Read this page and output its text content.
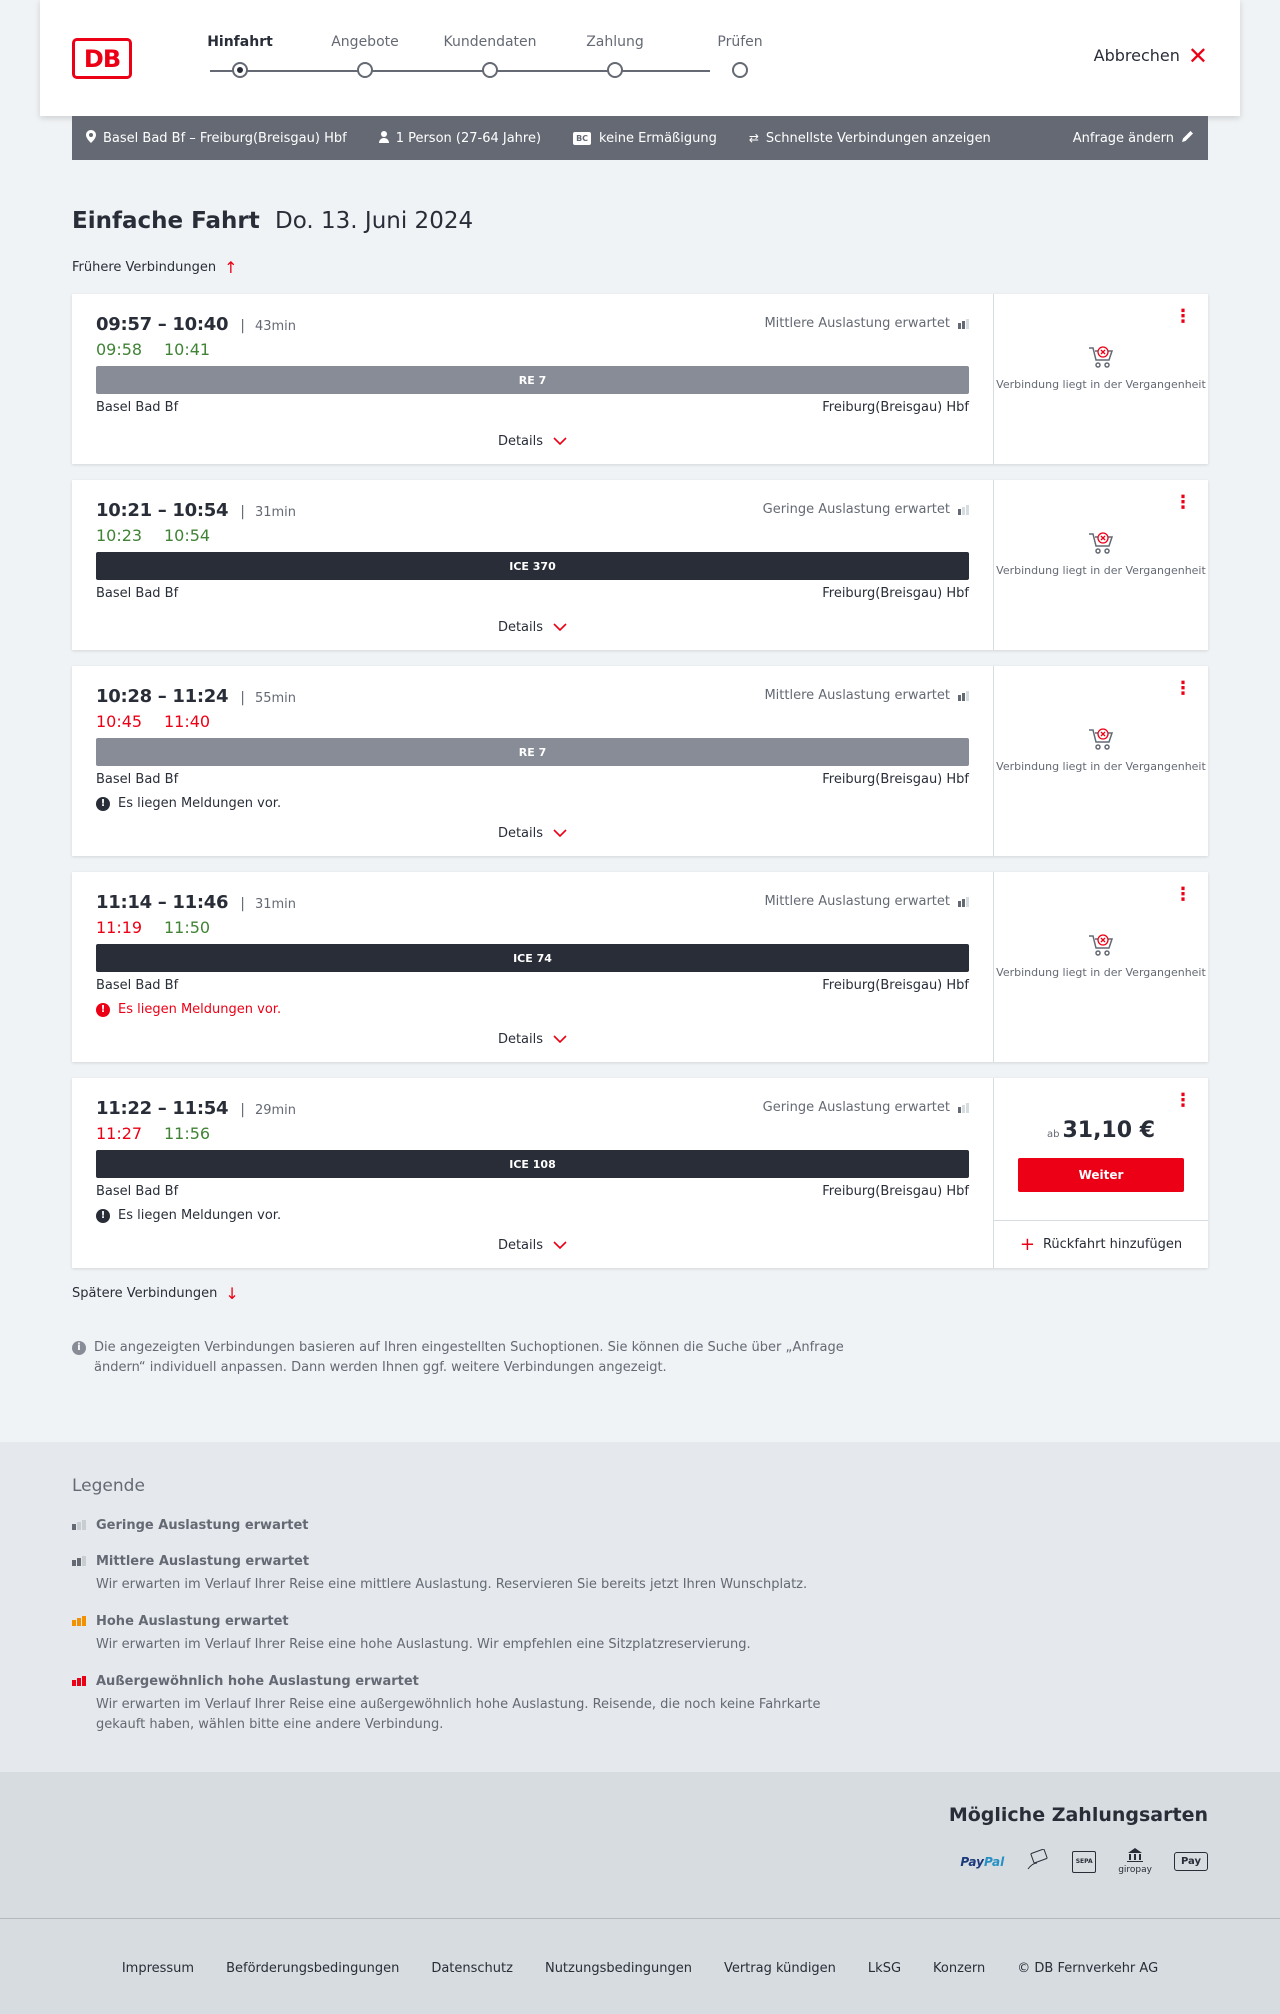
DB
Hinfahrt	Angebote	Kundendaten	Zahlung	Prüfen
Abbrechen ✕
Basel Bad Bf – Freiburg(Breisgau) Hbf	1 Person (27-64 Jahre)	BC keine Ermäßigung	⇄ Schnellste Verbindungen anzeigen	Anfrage ändern
Einfache Fahrt Do. 13. Juni 2024
Frühere Verbindungen ↑
09:57 – 10:40 | 43min
09:58	10:41
Mittlere Auslastung erwartet
RE 7
Basel Bad Bf	Freiburg(Breisgau) Hbf
Details
⋮
Verbindung liegt in der Vergangenheit
10:21 – 10:54 | 31min
10:23	10:54
Geringe Auslastung erwartet
ICE 370
Basel Bad Bf	Freiburg(Breisgau) Hbf
Details
⋮
Verbindung liegt in der Vergangenheit
10:28 – 11:24 | 55min
10:45	11:40
Mittlere Auslastung erwartet
RE 7
Basel Bad Bf	Freiburg(Breisgau) Hbf
! Es liegen Meldungen vor.
Details
⋮
Verbindung liegt in der Vergangenheit
11:14 – 11:46 | 31min
11:19	11:50
Mittlere Auslastung erwartet
ICE 74
Basel Bad Bf	Freiburg(Breisgau) Hbf
! Es liegen Meldungen vor.
Details
⋮
Verbindung liegt in der Vergangenheit
11:22 – 11:54 | 29min
11:27	11:56
Geringe Auslastung erwartet
ICE 108
Basel Bad Bf	Freiburg(Breisgau) Hbf
! Es liegen Meldungen vor.
Details
⋮
ab 31,10 €
Weiter
+ Rückfahrt hinzufügen
Spätere Verbindungen ↓
i	Die angezeigten Verbindungen basieren auf Ihren eingestellten Suchoptionen. Sie können die Suche über „Anfrage ändern“ individuell anpassen. Dann werden Ihnen ggf. weitere Verbindungen angezeigt.
Legende
Geringe Auslastung erwartet
Mittlere Auslastung erwartet
Wir erwarten im Verlauf Ihrer Reise eine mittlere Auslastung. Reservieren Sie bereits jetzt Ihren Wunschplatz.
Hohe Auslastung erwartet
Wir erwarten im Verlauf Ihrer Reise eine hohe Auslastung. Wir empfehlen eine Sitzplatzreservierung.
Außergewöhnlich hohe Auslastung erwartet
Wir erwarten im Verlauf Ihrer Reise eine außergewöhnlich hohe Auslastung. Reisende, die noch keine Fahrkarte gekauft haben, wählen bitte eine andere Verbindung.
Mögliche Zahlungsarten
PayPal	SEPA

giropay
Pay
Impressum Beförderungsbedingungen Datenschutz Nutzungsbedingungen Vertrag kündigen LkSG Konzern © DB Fernverkehr AG
